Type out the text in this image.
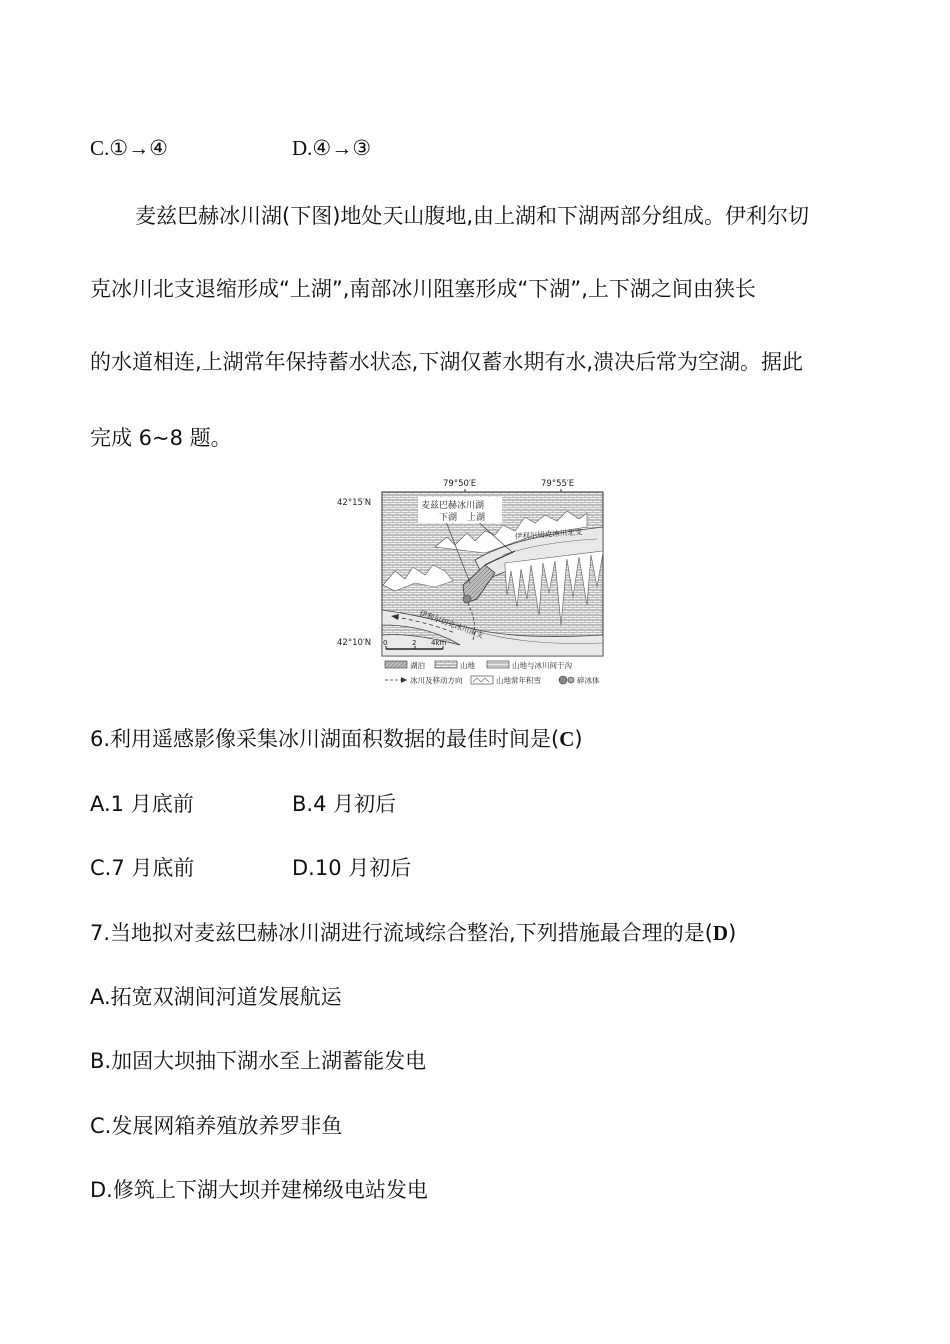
C.①→④	D.④→③
麦兹巴赫冰川湖(下图)地处天山腹地,由上湖和下湖两部分组成。伊利尔切
克冰川北支退缩形成“上湖”,南部冰川阻塞形成“下湖”,上下湖之间由狭长
的水道相连,上湖常年保持蓄水状态,下湖仅蓄水期有水,溃决后常为空湖。据此
完成 6~8 题。
79°50′E	79°55′E
42°15′N
42°10′N
麦兹巴赫冰川湖
下湖 上湖
伊利尔切克冰川北支
伊利尔切克冰川南支
0	2 4km
湖泊	山地	山地与冰川间干沟
冰川及移动方向	山地常年积雪	碎冰体
6.利用遥感影像采集冰川湖面积数据的最佳时间是(C)
A.1 月底前	B.4 月初后
C.7 月底前	D.10 月初后
7.当地拟对麦兹巴赫冰川湖进行流域综合整治,下列措施最合理的是(D)
A.拓宽双湖间河道发展航运
B.加固大坝抽下湖水至上湖蓄能发电
C.发展网箱养殖放养罗非鱼
D.修筑上下湖大坝并建梯级电站发电
